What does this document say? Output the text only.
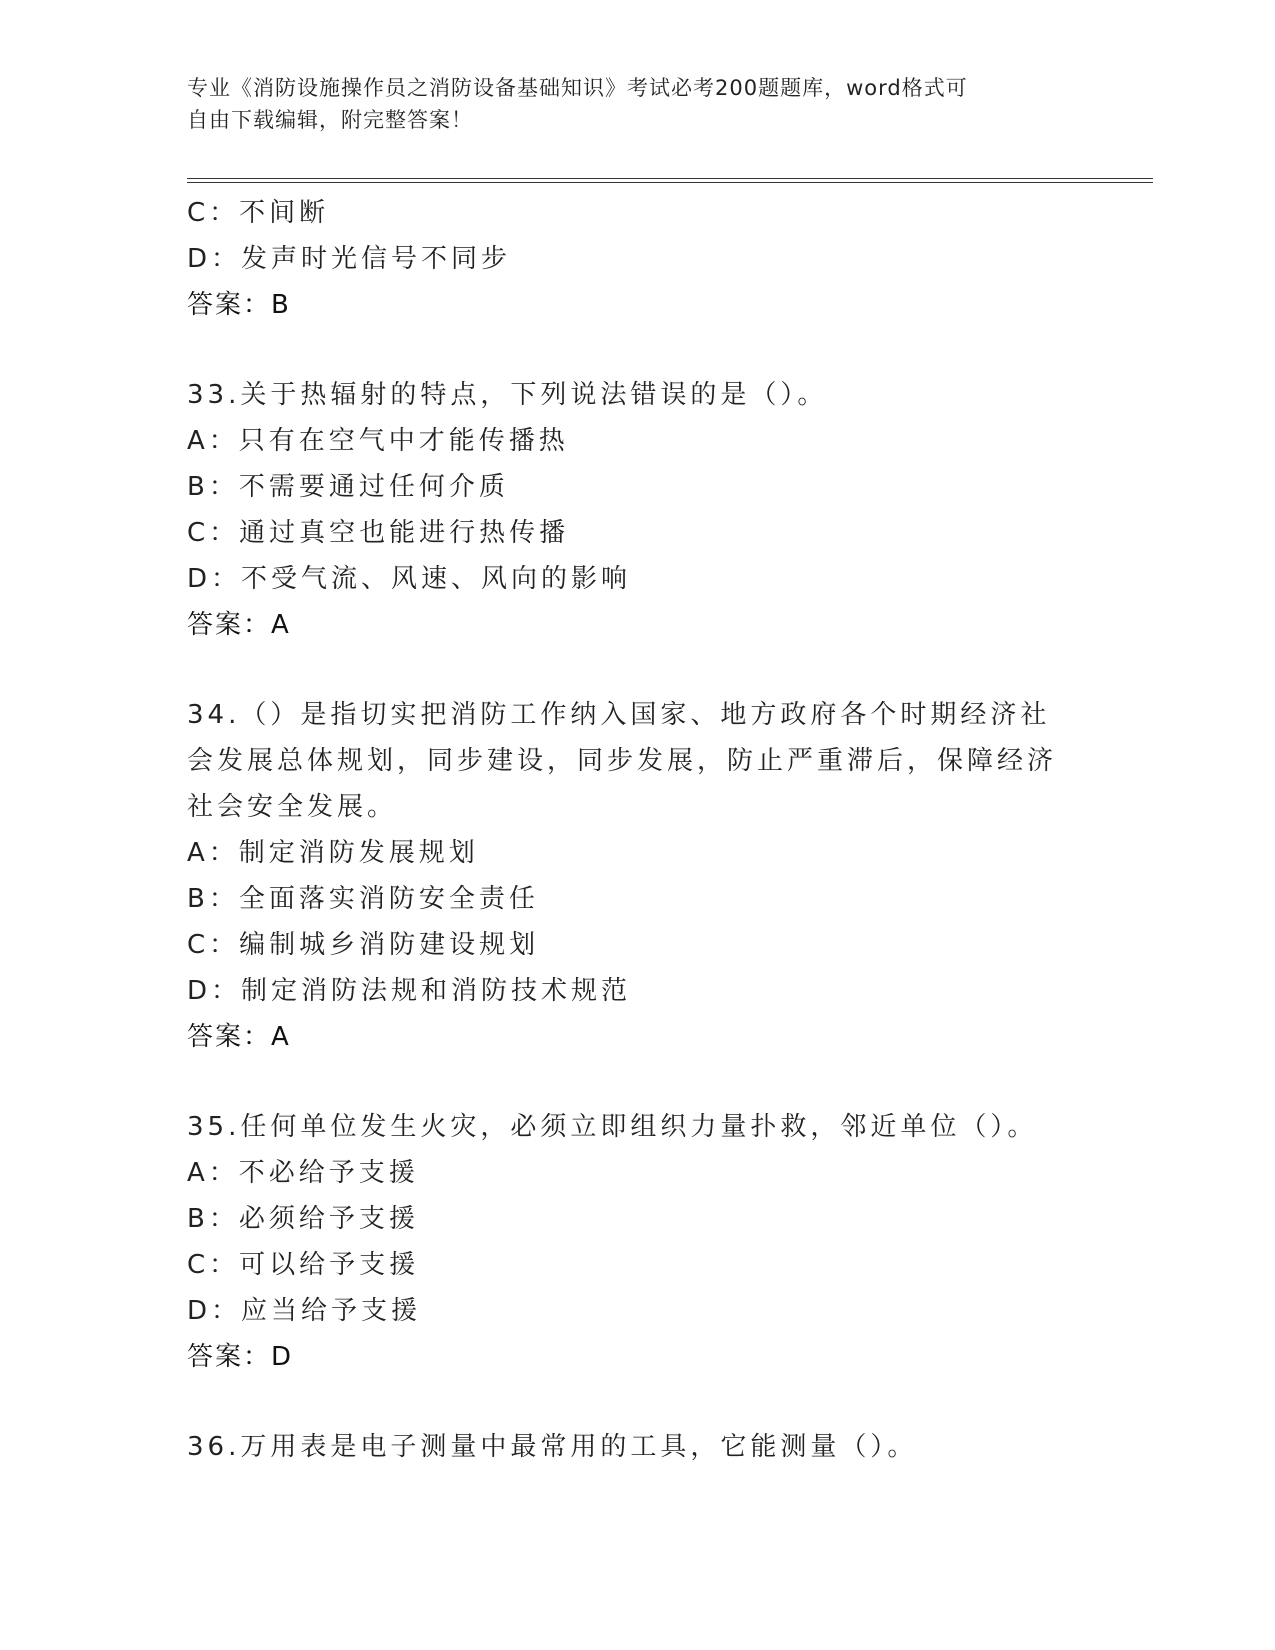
专业《消防设施操作员之消防设备基础知识》考试必考200题题库，word格式可
自由下载编辑，附完整答案！
C：不间断
D：发声时光信号不同步
答案：B
33.关于热辐射的特点，下列说法错误的是（）。
A：只有在空气中才能传播热
B：不需要通过任何介质
C：通过真空也能进行热传播
D：不受气流、风速、风向的影响
答案：A
34.（）是指切实把消防工作纳入国家、地方政府各个时期经济社会发展总体规划，同步建设，同步发展，防止严重滞后，保障经济社会安全发展。
A：制定消防发展规划
B：全面落实消防安全责任
C：编制城乡消防建设规划
D：制定消防法规和消防技术规范
答案：A
35.任何单位发生火灾，必须立即组织力量扑救，邻近单位（）。
A：不必给予支援
B：必须给予支援
C：可以给予支援
D：应当给予支援
答案：D
36.万用表是电子测量中最常用的工具，它能测量（）。
